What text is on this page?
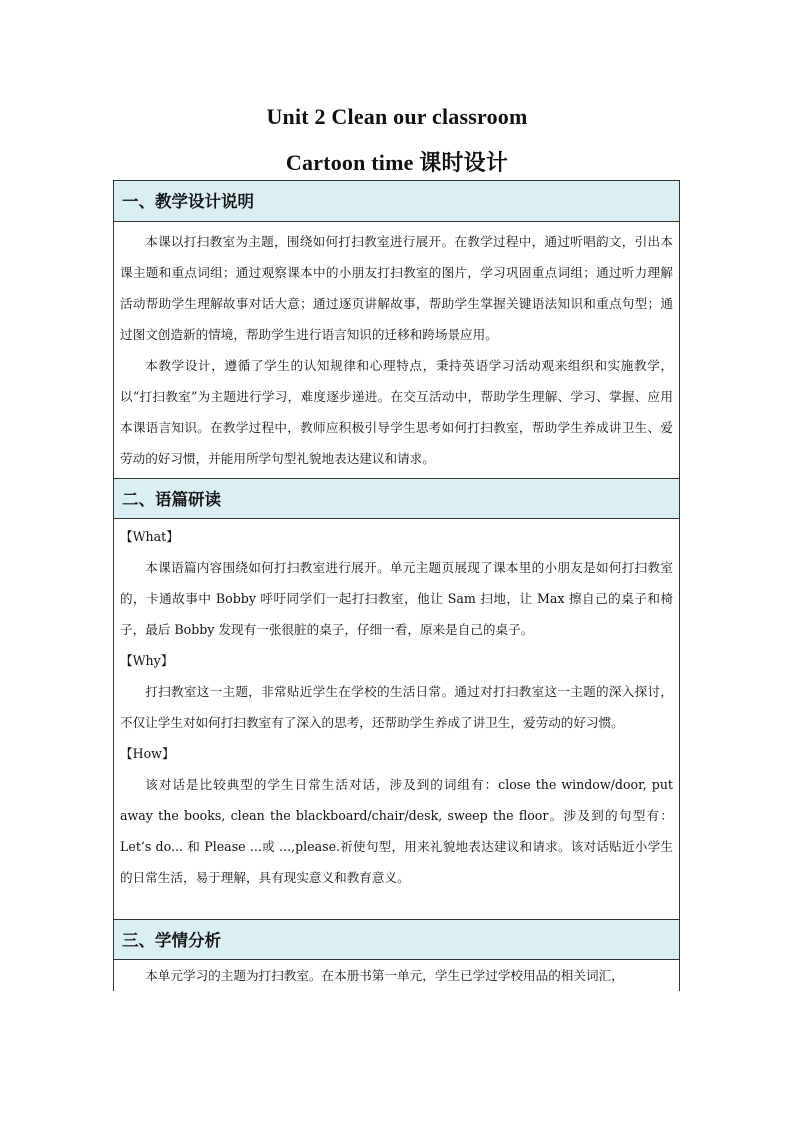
Unit 2 Clean our classroom
Cartoon time 课时设计
一、教学设计说明

本课以打扫教室为主题，围绕如何打扫教室进行展开。在教学过程中，通过听唱韵文，引出本课主题和重点词组；通过观察课本中的小朋友打扫教室的图片，学习巩固重点词组；通过听力理解活动帮助学生理解故事对话大意；通过逐页讲解故事，帮助学生掌握关键语法知识和重点句型；通过图文创造新的情境，帮助学生进行语言知识的迁移和跨场景应用。

本教学设计，遵循了学生的认知规律和心理特点，秉持英语学习活动观来组织和实施教学，以“打扫教室”为主题进行学习，难度逐步递进。在交互活动中，帮助学生理解、学习、掌握、应用本课语言知识。在教学过程中，教师应积极引导学生思考如何打扫教室，帮助学生养成讲卫生、爱劳动的好习惯，并能用所学句型礼貌地表达建议和请求。

二、语篇研读

【What】

本课语篇内容围绕如何打扫教室进行展开。单元主题页展现了课本里的小朋友是如何打扫教室的，卡通故事中 Bobby 呼吁同学们一起打扫教室，他让 Sam 扫地，让 Max 擦自己的桌子和椅子，最后 Bobby 发现有一张很脏的桌子，仔细一看，原来是自己的桌子。

【Why】

打扫教室这一主题，非常贴近学生在学校的生活日常。通过对打扫教室这一主题的深入探讨，不仅让学生对如何打扫教室有了深入的思考，还帮助学生养成了讲卫生，爱劳动的好习惯。

【How】

该对话是比较典型的学生日常生活对话，涉及到的词组有：close the window/door, put away the books, clean the blackboard/chair/desk, sweep the floor。涉及到的句型有：Let’s do... 和 Please ...或 ...,please.祈使句型，用来礼貌地表达建议和请求。该对话贴近小学生的日常生活，易于理解，具有现实意义和教育意义。

三、学情分析

本单元学习的主题为打扫教室。在本册书第一单元，学生已学过学校用品的相关词汇，
